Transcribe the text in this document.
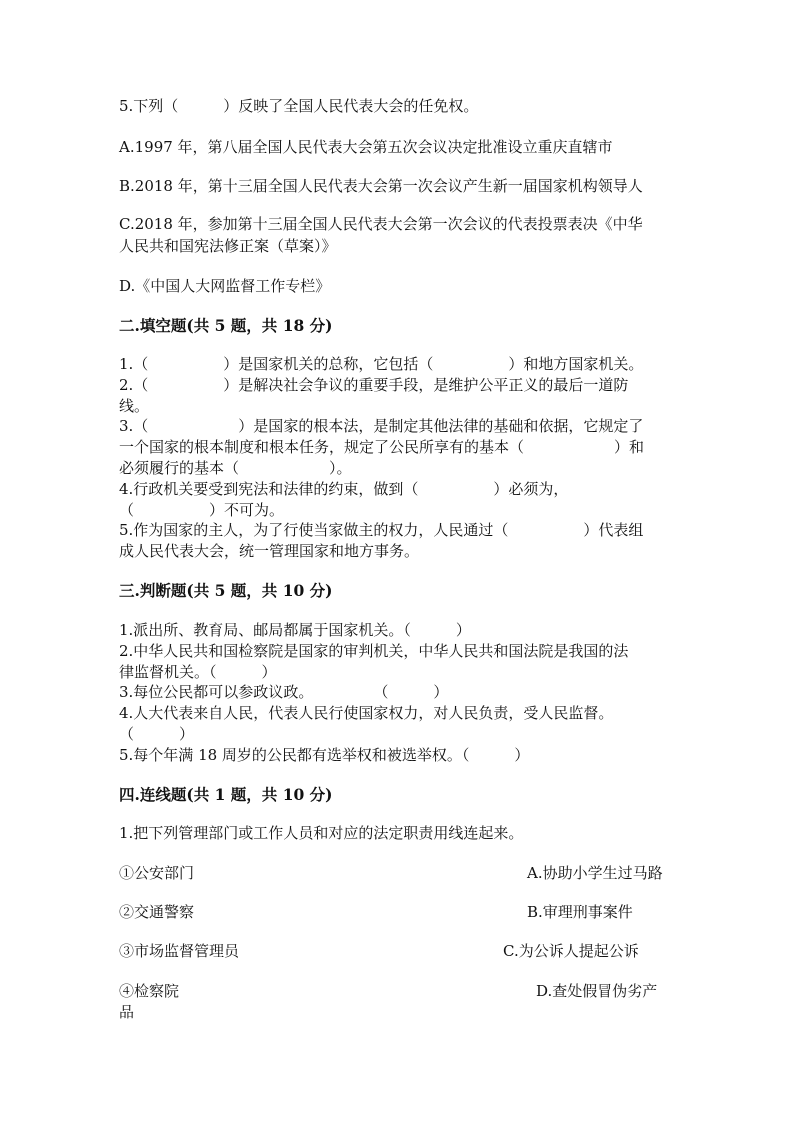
5.下列（　　　）反映了全国人民代表大会的任免权。
A.1997 年，第八届全国人民代表大会第五次会议决定批准设立重庆直辖市
B.2018 年，第十三届全国人民代表大会第一次会议产生新一届国家机构领导人
C.2018 年，参加第十三届全国人民代表大会第一次会议的代表投票表决《中华
人民共和国宪法修正案（草案）》
D.《中国人大网监督工作专栏》
二.填空题(共 5 题，共 18 分)
1.（　　　　　）是国家机关的总称，它包括（　　　　　）和地方国家机关。
2.（　　　　　）是解决社会争议的重要手段，是维护公平正义的最后一道防
线。
3.（　　　　　　）是国家的根本法，是制定其他法律的基础和依据，它规定了
一个国家的根本制度和根本任务，规定了公民所享有的基本（　　　　　　）和
必须履行的基本（　　　　　　）。
4.行政机关要受到宪法和法律的约束，做到（　　　　　）必须为，
（　　　　　）不可为。
5.作为国家的主人，为了行使当家做主的权力，人民通过（　　　　　）代表组
成人民代表大会，统一管理国家和地方事务。
三.判断题(共 5 题，共 10 分)
1.派出所、教育局、邮局都属于国家机关。（　　　）
2.中华人民共和国检察院是国家的审判机关，中华人民共和国法院是我国的法
律监督机关。（　　　）
3.每位公民都可以参政议政。　　　　　（　　　）
4.人大代表来自人民，代表人民行使国家权力，对人民负责，受人民监督。
（　　　）
5.每个年满 18 周岁的公民都有选举权和被选举权。（　　　）
四.连线题(共 1 题，共 10 分)
1.把下列管理部门或工作人员和对应的法定职责用线连起来。
①公安部门	A.协助小学生过马路
②交通警察	B.审理刑事案件
③市场监督管理员	C.为公诉人提起公诉
④检察院	D.查处假冒伪劣产
品
